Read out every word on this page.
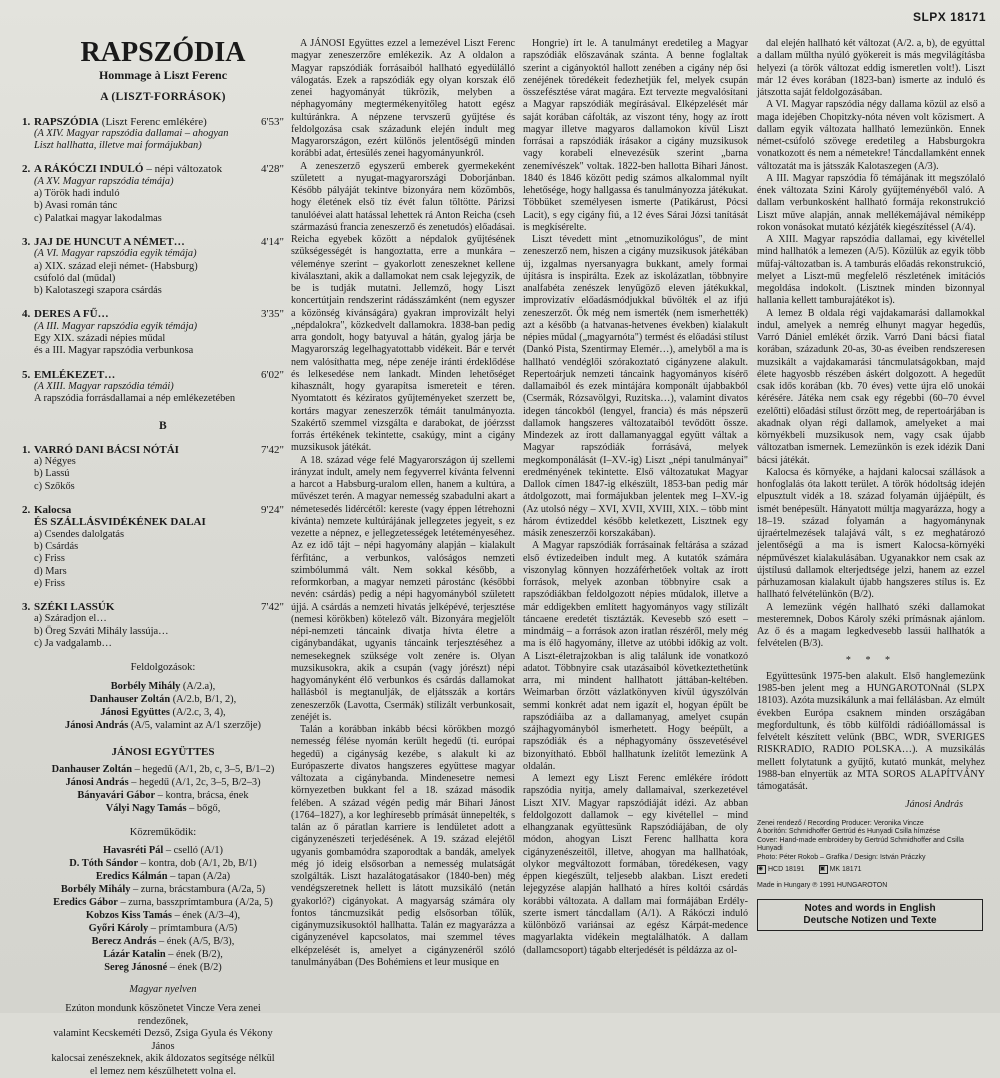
SLPX 18171
RAPSZÓDIA
Hommage à Liszt Ferenc
A (LISZT-FORRÁSOK)
1. RAPSZÓDIA (Liszt Ferenc emlékére)	6'53"
(A XIV. Magyar rapszódia dallamai – ahogyan
Liszt hallhatta, illetve mai formájukban)
2. A RÁKÓCZI INDULÓ – népi változatok	4'28"
(A XV. Magyar rapszódia témája)
a) Török hadi induló
b) Avasi román tánc
c) Palatkai magyar lakodalmas
3. JAJ DE HUNCUT A NÉMET…	4'14"
(A VI. Magyar rapszódia egyik témája)
a) XIX. század eleji német- (Habsburg)
csúfoló dal (műdal)
b) Kalotaszegi szapora csárdás
4. DERES A FŰ…	3'35"
(A III. Magyar rapszódia egyik témája)
Egy XIX. századi népies műdal
és a III. Magyar rapszódia verbunkosa
5. EMLÉKEZET…	6'02"
(A XIII. Magyar rapszódia témái)
A rapszódia forrásdallamai a nép emlékezetében
B
1. VARRÓ DANI BÁCSI NÓTÁI	7'42"
a) Négyes
b) Lassú
c) Szőkős
2. Kalocsa	9'24"
ÉS SZÁLLÁSVIDÉKÉNEK DALAI
a) Csendes dalolgatás
b) Csárdás
c) Friss
d) Mars
e) Friss
3. SZÉKI LASSÚK	7'42"
a) Száradjon el…
b) Öreg Szváti Mihály lassúja…
c) Ja vadgalamb…
Feldolgozások:
Borbély Mihály (A/2.a),
Danhauser Zoltán (A/2.b, B/1, 2),
Jánosi Együttes (A/2.c, 3, 4),
Jánosi András (A/5, valamint az A/1 szerzője)
JÁNOSI EGYÜTTES
Danhauser Zoltán – hegedű (A/1, 2b, c, 3–5, B/1–2)
Jánosi András – hegedű (A/1, 2c, 3–5, B/2–3)
Bányavári Gábor – kontra, brácsa, ének
Vályi Nagy Tamás – bőgő,
Közreműködik:
Havasréti Pál – cselló (A/1)
D. Tóth Sándor – kontra, dob (A/1, 2b, B/1)
Eredics Kálmán – tapan (A/2a)
Borbély Mihály – zurna, brácstambura (A/2a, 5)
Eredics Gábor – zurna, basszprímtambura (A/2a, 5)
Kobzos Kiss Tamás – ének (A/3–4),
Győri Károly – prímtambura (A/5)
Berecz András – ének (A/5, B/3),
Lázár Katalin – ének (B/2),
Sereg Jánosné – ének (B/2)
Magyar nyelven
Ezúton mondunk köszönetet Vincze Vera zenei rendezőnek,
valamint Kecskeméti Dezső, Zsiga Gyula és Vékony János
kalocsai zenészeknek, akik áldozatos segítsége nélkül
el lemez nem készülhetett volna el.

A JÁNOSI Együttes ezzel a lemezével Liszt Ferenc magyar zeneszerzőre emlékezik. Az A oldalon a Magyar rapszódiák forrásaiból hallható egyedülálló válogatás. Ezek a rapszódiák egy olyan korszak élő zenei hagyományát tükrözik, melyben a néphagyomány megtermékenyítőleg hatott egész kultúránkra. A népzene tervszerű gyűjtése és feldolgozása csak századunk elején indult meg Magyarországon, ezért különös jelentőségű minden korábbi adat, értesülés zenei hagyományunkról.

A zeneszerző egyszerű emberek gyermekeként született a nyugat-magyarországi Doborjánban. Később pályáját tekintve bizonyára nem közömbös, hogy életének első tíz évét falun töltötte. Párizsi tanulóévei alatt hatással lehettek rá Anton Reicha (cseh származású francia zeneszerző és zenetudós) előadásai. Reicha egyebek között a népdalok gyűjtésének szükségességét is hangoztatta, erre a munkára – véleménye szerint – gyakorlott zeneszeknet kellene kiválasztani, akik a dallamokat nem csak lejegyzik, de be is tudják mutatni. Jellemző, hogy Liszt koncertútjain rendszerint rádásszámként (nem egyszer a közönség kívánságára) gyakran improvizált helyi „népdalokra", közkedvelt dallamokra. 1838-ban pedig arra gondolt, hogy batyuval a hátán, gyalog járja be Magyarország legelhagyatottabb vidékeit. Bár e tervét nem valósíthatta meg, népe zenéje iránti érdeklődése és lelkesedése nem lankadt. Minden lehetőséget kihasznált, hogy gyarapítsa ismereteit e téren. Nyomtatott és kéziratos gyűjteményeket szerzett be, kortárs magyar zeneszerzők témáit tanulmányozta. Szakértő szemmel vizsgálta e darabokat, de jóérzsst forrás értékének tekintette, csakúgy, mint a cigány muzsikusok játékát.

A 18. század vége felé Magyarországon új szellemi irányzat indult, amely nem fegyverrel kívánta felvenni a harcot a Habsburg-uralom ellen, hanem a kultúra, a művészet terén. A magyar nemesség szabadulni akart a németesedés lidércétől: kereste (vagy éppen létrehozni kívánta) nemzete kultúrájának jellegzetes jegyeit, s ez vezette a népnez, e jellegzetességek letéteményeséhez. Az ez idő tájt – népi hagyomány alapján – kialakult férfitánc, a verbunkos, valóságos nemzeti szimbólummá vált. Nem sokkal később, a reformkorban, a magyar nemzeti párostánc (későbbi nevén: csárdás) pedig a népi hagyományból született újjá. A csárdás a nemzeti hivatás jelképévé, terjesztése (nemesi körökben) kötelező vált. Bizonyára megjelölt népi-nemzeti táncaink divatja hívta életre a cigánybandákat, ugyanis táncaink terjesztéséhez a nemesekegnek szüksége volt zenére is. Olyan muzsikusokra, akik a csupán (vagy jórészt) népi hagyományként élő verbunkos és csárdás dallamokat hallásból is megtanulják, de eljátsszák a kortárs zeneszerzők (Lavotta, Csermák) stílizált verbunkosait, zenéjét is.

Talán a korábban inkább bécsi körökben mozgó nemesség félése nyomán került hegedű (ti. európai hegedű) a cigányság kezébe, s alakult ki az Európaszerte divatos hangszeres együttese magyar változata a cigánybanda. Mindenesetre nemesi környezetben bukkant fel a 18. század második felében. A század végén pedig már Bihari Jánost (1764–1827), a kor leghíresebb prímását ünnepelték, s talán az ő páratlan karriere is lendületet adott a cigányzenészeti terjedésének. A 19. század elejétől ugyanis gombamódra szaporodtak a bandák, amelyek még jó ideig elsősorban a nemesség mulatságát szolgálták. Liszt hazalátogatásakor (1840-ben) még vendégszeretnek hellett is látott muzsikáló (netán gyakorló?) cigányokat. A magyarság számára oly fontos táncmuzsikát pedig elsősorban tőlük, cigánymuzsikusoktól hallhatta. Talán ez magyarázza a cigányzenével kapcsolatos, mai szemmel téves elképzelését is, amelyet a cigányzenéről szóló tanulmányában (Des Bohémiens et leur musique en

Hongrie) írt le. A tanulmányt eredetileg a Magyar rapszódiák előszavának szánta. A benne foglaltak szerint a cigányoktól hallott zenében a cigány nép ősi zenéjének töredékeit fedezhetjük fel, melyek csupán összefésztése várat magára. Ezt tervezte megvalósítani a Magyar rapszódiák megírásával. Elképzelését már saját korában cáfolták, az viszont tény, hogy az írott magyar illetve magyaros dallamokon kívül Liszt forrásai a rapszódiák írásakor a cigány muzsikusok vagy korabeli elnevezésük szerint „barna zenemívészek" voltak. 1822-ben hallotta Bihari Jánost. 1840 és 1846 között pedig számos alkalommal nyílt lehetősége, hogy hallgassa és tanulmányozza játékukat. Többüket személyesen ismerte (Patikárust, Pócsi Lacit), s egy cigány fiú, a 12 éves Sárai Józsi tanítását is megkísérelte.

Liszt tévedett mint „etnomuzikológus", de mint zeneszerző nem, hiszen a cigány muzsikusok játékában új, izgalmas nyersanyagra bukkant, amely formai újításra is inspirálta. Ezek az iskolázatlan, többnyire analfabéta zenészek lenyűgöző eleven játékukkal, improvizatív előadásmódjukkal bűvölték el az ifjú zeneszerzőt. Ők még nem ismerték (nem ismerhették) azt a később (a hatvanas-hetvenes években) kialakult népies műdal („magyarnóta") termést és előadási stílust (Dankó Pista, Szentirmay Elemér…), amelyből a ma is hallható vendéglői szórakoztató cigányzene alakult. Repertoárjuk nemzeti táncaink hagyományos kísérő dallamaiból és ezek mintájára komponált újabbakból (Csermák, Rózsavölgyi, Ruzitska…), valamint divatos idegen táncokból (lengyel, francia) és más népszerű dallamok hangszeres változataiból tevődött össze. Mindezek az írott dallamanyaggal együtt váltak a Magyar rapszódiák forrásává, melyek megkomponálását (I–XV.-ig) Liszt „népi tanulmányai" eredményének tekintette. Első változatukat Magyar Dallok címen 1847-ig elkészült, 1853-ban pedig már átdolgozott, mai formájukban jelentek meg I–XV.-ig (Az utolsó négy – XVI, XVII, XVIII, XIX. – több mint három évtizeddel később keletkezett, Lisztnek egy másik zeneszerzői korszakában).

A Magyar rapszódiák forrásainak feltárása a század első évtizedeiben indult meg. A kutatók számára viszonylag könnyen hozzáférhetőek voltak az írott források, melyek azonban többnyire csak a rapszódiákban feldolgozott népies műdalok, illetve a már eddigekben említett hagyományos vagy stílizált táncaene eredetét tisztázták. Kevesebb szó esett – mindmáig – a források azon iratlan részéről, mely még ma is élő hagyomány, illetve az utóbbi időkig az volt. A Liszt-életrajzokban is alig találunk ide vonatkozó adatot. Többnyire csak utazásaiból következtethetünk arra, mi mindent hallhatott játtában-keltében. Weimarban őrzött vázlatkönyven kívül úgyszólván semmi konkrét adat nem igazít el, hogyan épült be rapszódiáiba az a dallamanyag, amelyet csupán szájhagyományból ismerhetett. Hogy beépült, a rapszódiák és a néphagyomány összevetésével bizonyítható. Ebből hallhatunk ízelítőt lemezünk A oldalán.

A lemezt egy Liszt Ferenc emlékére íródott rapszódia nyitja, amely dallamaival, szerkezetével Liszt XIV. Magyar rapszódiáját idézi. Az abban feldolgozott dallamok – egy kivétellel – mind elhangzanak együttesünk Rapszódiájában, de oly módon, ahogyan Liszt Ferenc hallhatta kora cigányzenészeitől, illetve, ahogyan ma hallhatóak, olykor megváltozott formában, töredékesen, vagy éppen kiegészült, teljesebb alakban. Liszt eredeti lejegyzése alapján hallható a híres koltói csárdás korábbi változata. A dallam mai formájában Erdély-szerte ismert táncdallam (A/1). A Rákóczi induló különböző variánsai az egész Kárpát-medence magyarlakta vidékein megtalálhatók. A dallam (dallamcsoport) tágabb elterjedését is példázza az ol-

dal elején hallható két változat (A/2. a, b), de egyúttal a dallam műltha nyúló gyökereit is más megvilágításba helyezi (a török változat eddig ismeretlen volt!). Liszt már 12 éves korában (1823-ban) ismerte az induló és játszotta saját feldolgozásában.

A VI. Magyar rapszódia négy dallama közül az első a maga idejében Chopitzky-nóta néven volt közismert. A dallam egyik változata hallható lemezünkön. Ennek német-csúfoló szövege eredetileg a Habsburgokra vonatkozott és nem a németekre! Táncdallamként ennek változatát ma is játsszák Kalotaszegen (A/3).

A III. Magyar rapszódia fő témájának itt megszólaló ének változata Szini Károly gyűjteményéből való. A dallam verbunkosként hallható formája rekonstrukció Liszt műve alapján, annak mellékemájával némiképp rokon vonásokat mutató kézjáték kiegészítéssel (A/4).

A XIII. Magyar rapszódia dallamai, egy kivétellel mind hallhatók a lemezen (A/5). Közülük az egyik több műfaj-változatban is. A tamburás előadás rekonstrukció, melyet a Liszt-mű megfelelő részletének imitációs megoldása indokolt. (Lisztnek minden bizonnyal hallania kellett tamburajátékot is).

A lemez B oldala régi vajdakamarási dallamokkal indul, amelyek a nemrég elhunyt magyar hegedűs, Varró Dániel emlékét őrzik. Varró Dani bácsi fiatal korában, századunk 20-as, 30-as éveiben rendszeresen muzsikált a vajdakamarási táncmulatságokban, majd élete hagyosbb részében áskért dolgozott. A hegedűt csak idős korában (kb. 70 éves) vette újra elő unokái kérésére. Játéka nem csak egy régebbi (60–70 évvel ezelőtti) előadási stílust őrzött meg, de repertoárjában is akadnak olyan régi dallamok, amelyeket a mai környékbeli muzsikusok nem, vagy csak újabb változatban ismernek. Lemezünkön is ezek idézik Dani bácsi játékát.

Kalocsa és környéke, a hajdani kalocsai szállások a honfoglalás óta lakott terület. A török hódoltság idején elpusztult vidék a 18. század folyamán újjáépült, és ismét benépesült. Hányatott múltja magyarázza, hogy a 18–19. század folyamán a hagyománynak újraértelmezések talajává vált, s ez meghatározó jelentőségű a ma is ismert Kalocsa-környéki népművészet kialakulásában. Ugyanakkor nem csak az újstílusú dallamok elterjedtsége jelzi, hanem az ezzel párhuzamosan kialakult újabb hangszeres stílus is. Ez hallható felvételünkön (B/2).

A lemezünk végén hallható széki dallamokat mesteremnek, Dobos Károly széki prímásnak ajánlom. Az ő és a magam legkedvesebb lassúi hallhatók a felvételen (B/3).

* * *

Együttesünk 1975-ben alakult. Első hanglemezünk 1985-ben jelent meg a HUNGAROTONnál (SLPX 18103). Azóta muzsikálunk a mai fellálásban. Az elmúlt években Európa csaknem minden országában megfordultunk, és több külföldi rádióállomással is felvételt készített velünk (BBC, WDR, SVERIGES RISKRADIO, RADIO POLSKA…). A muzsikálás mellett folytatunk a gyűjtő, kutató munkát, melyhez 1988-ban elnyertük az MTA SOROS ALAPÍTVÁNY támogatását.

Jánosi András
Zenei rendező / Recording Producer: Veronika Vincze
A borítón: Schmidhoffer Gertrúd és Hunyadi Csilla hímzése
Cover: Hand-made embroidery by Gertrúd Schmidhoffer and Csilla
Hunyadi
Photo: Péter Rokob – Grafika / Design: István Práczky
◉ HCD 18191	▣ MK 18171
Made in Hungary ℗ 1991 HUNGAROTON
Notes and words in English
Deutsche Notizen und Texte
